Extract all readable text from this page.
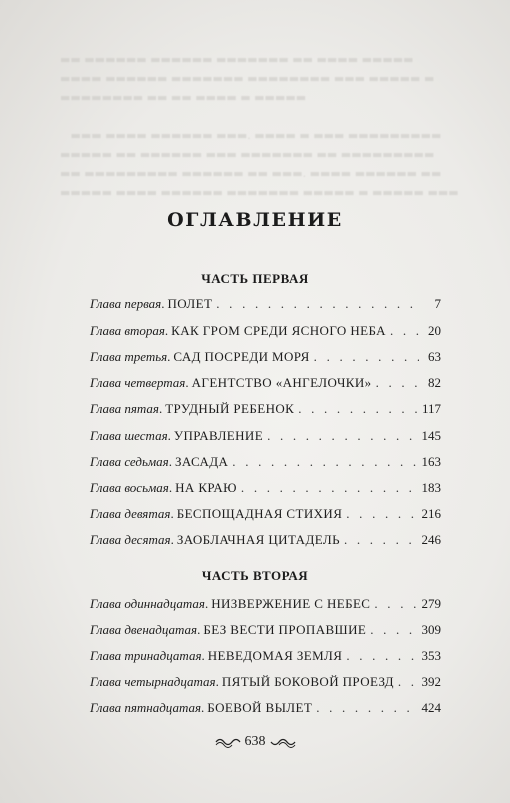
▬▬ ▬▬▬▬▬▬ ▬▬▬▬▬▬ ▬▬▬▬▬▬▬ ▬▬ ▬▬▬▬ ▬▬▬▬▬
▬▬▬▬ ▬▬▬▬▬▬ ▬▬▬▬▬▬▬ ▬▬▬▬▬▬▬▬ ▬▬▬ ▬▬▬▬▬ ▬
▬▬▬▬▬▬▬▬ ▬▬ ▬▬ ▬▬▬▬ ▬ ▬▬▬▬▬

▬▬▬ ▬▬▬▬ ▬▬▬▬▬▬ ▬▬▬. ▬▬▬▬ ▬ ▬▬▬ ▬▬▬▬▬▬▬▬▬
▬▬▬▬▬ ▬▬ ▬▬▬▬▬▬ ▬▬▬ ▬▬▬▬▬▬▬ ▬▬ ▬▬▬▬▬▬▬▬▬
▬▬ ▬▬▬▬▬▬▬▬▬ ▬▬▬▬▬▬ ▬▬ ▬▬▬. ▬▬▬▬ ▬▬▬▬▬▬ ▬▬
▬▬▬▬▬ ▬▬▬▬ ▬▬▬▬▬▬ ▬▬▬▬▬▬▬ ▬▬▬▬▬ ▬ ▬▬▬▬▬ ▬▬▬
ОГЛАВЛЕНИЕ
ЧАСТЬ ПЕРВАЯ
Глава первая . ПОЛЕТ . . .	7
Глава вторая . КАК ГРОМ СРЕДИ ЯСНОГО НЕБА . . .	20
Глава третья . САД ПОСРЕДИ МОРЯ . . .	63
Глава четвертая . АГЕНТСТВО «АНГЕЛОЧКИ» . . .	82
Глава пятая . ТРУДНЫЙ РЕБЕНОК . . .	117
Глава шестая . УПРАВЛЕНИЕ . . .	145
Глава седьмая . ЗАСАДА . . .	163
Глава восьмая . НА КРАЮ . . .	183
Глава девятая . БЕСПОЩАДНАЯ СТИХИЯ . . .	216
Глава десятая . ЗАОБЛАЧНАЯ ЦИТАДЕЛЬ . . .	246
ЧАСТЬ ВТОРАЯ
Глава одиннадцатая . НИЗВЕРЖЕНИЕ С НЕБЕС . . .	279
Глава двенадцатая . БЕЗ ВЕСТИ ПРОПАВШИЕ . . .	309
Глава тринадцатая . НЕВЕДОМАЯ ЗЕМЛЯ . . .	353
Глава четырнадцатая . ПЯТЫЙ БОКОВОЙ ПРОЕЗД . . . 392
Глава пятнадцатая . БОЕВОЙ ВЫЛЕТ . . .	424
638
